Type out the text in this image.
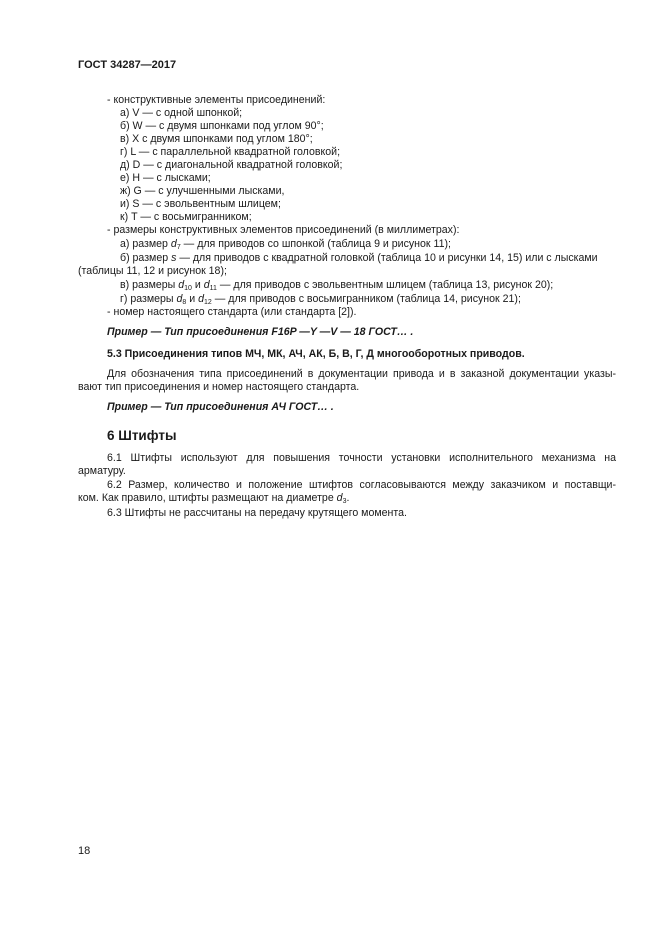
ГОСТ 34287—2017
- конструктивные элементы присоединений:
а) V — с одной шпонкой;
б) W — с двумя шпонками под углом 90°;
в) X с двумя шпонками под углом 180°;
г) L — с параллельной квадратной головкой;
д) D — с диагональной квадратной головкой;
е) H — с лысками;
ж) G — с улучшенными лысками,
и) S — с эвольвентным шлицем;
к) T — с восьмигранником;
- размеры конструктивных элементов присоединений (в миллиметрах):
а) размер $d_7$ — для приводов со шпонкой (таблица 9 и рисунок 11);
б) размер s — для приводов с квадратной головкой (таблица 10 и рисунки 14, 15) или с лысками
(таблицы 11, 12 и рисунок 18);
в) размеры $d_{10}$ и $d_{11}$ — для приводов с эвольвентным шлицем (таблица 13, рисунок 20);
г) размеры $d_8$ и $d_{12}$ — для приводов с восьмигранником (таблица 14, рисунок 21);
- номер настоящего стандарта (или стандарта [2]).
Пример — Тип присоединения F16P —Y —V — 18 ГОСТ… .
5.3 Присоединения типов МЧ, МК, АЧ, АК, Б, В, Г, Д многооборотных приводов.
Для обозначения типа присоединений в документации привода и в заказной документации указы-
вают тип присоединения и номер настоящего стандарта.
Пример — Тип присоединения АЧ ГОСТ… .
6 Штифты
6.1 Штифты используют для повышения точности установки исполнительного механизма на
арматуру.
6.2 Размер, количество и положение штифтов согласовываются между заказчиком и поставщи-
ком. Как правило, штифты размещают на диаметре $d_3$.
6.3 Штифты не рассчитаны на передачу крутящего момента.
18
